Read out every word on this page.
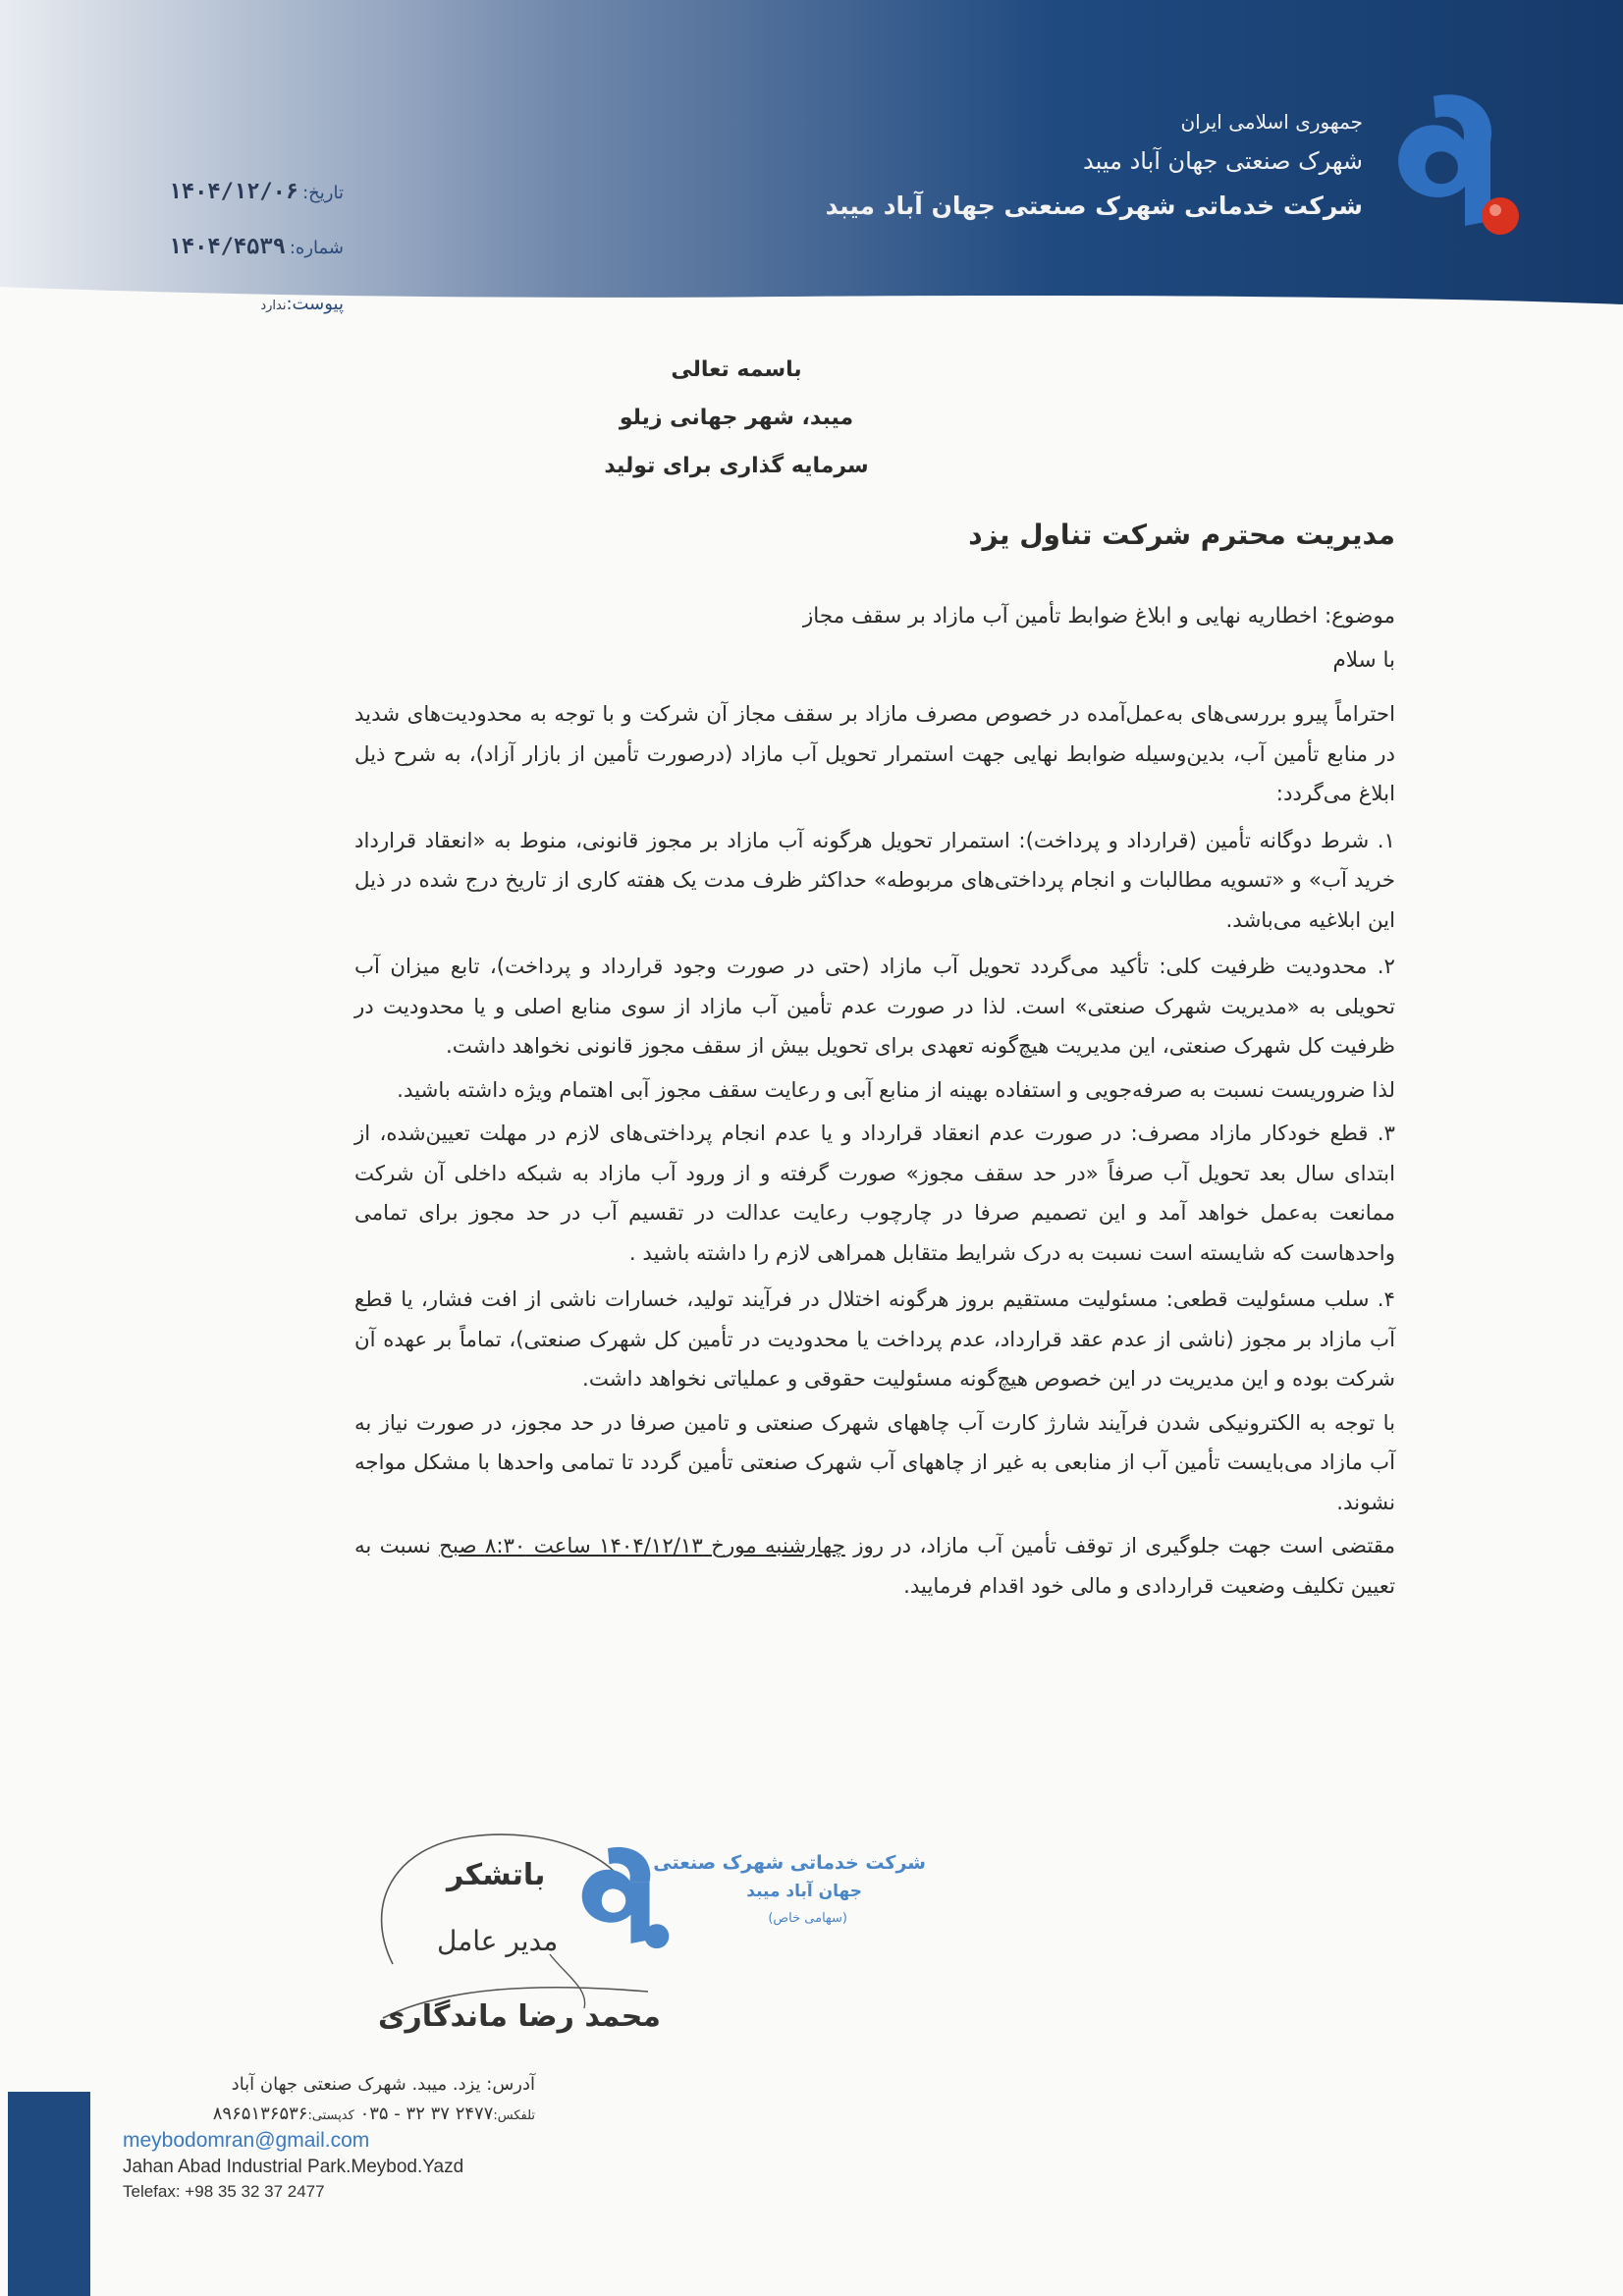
جمهوری اسلامی ایران
شهرک صنعتی جهان آباد میبد
شرکت خدماتی شهرک صنعتی جهان آباد میبد
تاریخ:۱۴۰۴/۱۲/۰۶
شماره:۱۴۰۴/۴۵۳۹
پیوست:ندارد
باسمه تعالی
میبد، شهر جهانی زیلو
سرمایه گذاری برای تولید
مدیریت محترم شرکت تناول یزد
موضوع: اخطاریه نهایی و ابلاغ ضوابط تأمین آب مازاد بر سقف مجاز
با سلام

احتراماً پیرو بررسی‌های به‌عمل‌آمده در خصوص مصرف مازاد بر سقف مجاز آن شرکت و با توجه به محدودیت‌های شدید در منابع تأمین آب، بدین‌وسیله ضوابط نهایی جهت استمرار تحویل آب مازاد (درصورت تأمین از بازار آزاد)، به شرح ذیل ابلاغ می‌گردد:

۱. شرط دوگانه تأمین (قرارداد و پرداخت): استمرار تحویل هرگونه آب مازاد بر مجوز قانونی، منوط به «انعقاد قرارداد خرید آب» و «تسویه مطالبات و انجام پرداختی‌های مربوطه» حداکثر ظرف مدت یک هفته کاری از تاریخ درج شده در ذیل این ابلاغیه می‌باشد.

۲. محدودیت ظرفیت کلی: تأکید می‌گردد تحویل آب مازاد (حتی در صورت وجود قرارداد و پرداخت)، تابع میزان آب تحویلی به «مدیریت شهرک صنعتی» است. لذا در صورت عدم تأمین آب مازاد از سوی منابع اصلی و یا محدودیت در ظرفیت کل شهرک صنعتی، این مدیریت هیچ‌گونه تعهدی برای تحویل بیش از سقف مجوز قانونی نخواهد داشت.

لذا ضروریست نسبت به صرفه‌جویی و استفاده بهینه از منابع آبی و رعایت سقف مجوز آبی اهتمام ویژه داشته باشید.

۳. قطع خودکار مازاد مصرف: در صورت عدم انعقاد قرارداد و یا عدم انجام پرداختی‌های لازم در مهلت تعیین‌شده، از ابتدای سال بعد تحویل آب صرفاً «در حد سقف مجوز» صورت گرفته و از ورود آب مازاد به شبکه داخلی آن شرکت ممانعت به‌عمل خواهد آمد و این تصمیم صرفا در چارچوب رعایت عدالت در تقسیم آب در حد مجوز برای تمامی واحدهاست که شایسته است نسبت به درک شرایط متقابل همراهی لازم را داشته باشید .

۴. سلب مسئولیت قطعی: مسئولیت مستقیم بروز هرگونه اختلال در فرآیند تولید، خسارات ناشی از افت فشار، یا قطع آب مازاد بر مجوز (ناشی از عدم عقد قرارداد، عدم پرداخت یا محدودیت در تأمین کل شهرک صنعتی)، تماماً بر عهده آن شرکت بوده و این مدیریت در این خصوص هیچ‌گونه مسئولیت حقوقی و عملیاتی نخواهد داشت.

با توجه به الکترونیکی شدن فرآیند شارژ کارت آب چاههای شهرک صنعتی و تامین صرفا در حد مجوز، در صورت نیاز به آب مازاد می‌بایست تأمین آب از منابعی به غیر از چاههای آب شهرک صنعتی تأمین گردد تا تمامی واحدها با مشکل مواجه نشوند.

مقتضی است جهت جلوگیری از توقف تأمین آب مازاد، در روز چهارشنبه مورخ ۱۴۰۴/۱۲/۱۳ ساعت ۸:۳۰ صبح نسبت به تعیین تکلیف وضعیت قراردادی و مالی خود اقدام فرمایید.

باتشکر
مدیر عامل
محمد رضا ماندگاری
شرکت خدماتی شهرک صنعتی
جهان آباد میبد
(سهامی خاص)
آدرس: یزد. میبد. شهرک صنعتی جهان آباد
تلفکس:۲۴۷۷ ۳۷ ۳۲ - ۰۳۵ کدپستی:۸۹۶۵۱۳۶۵۳۶
meybodomran@gmail.com
Jahan Abad Industrial Park.Meybod.Yazd
Telefax: +98 35 32 37 2477
